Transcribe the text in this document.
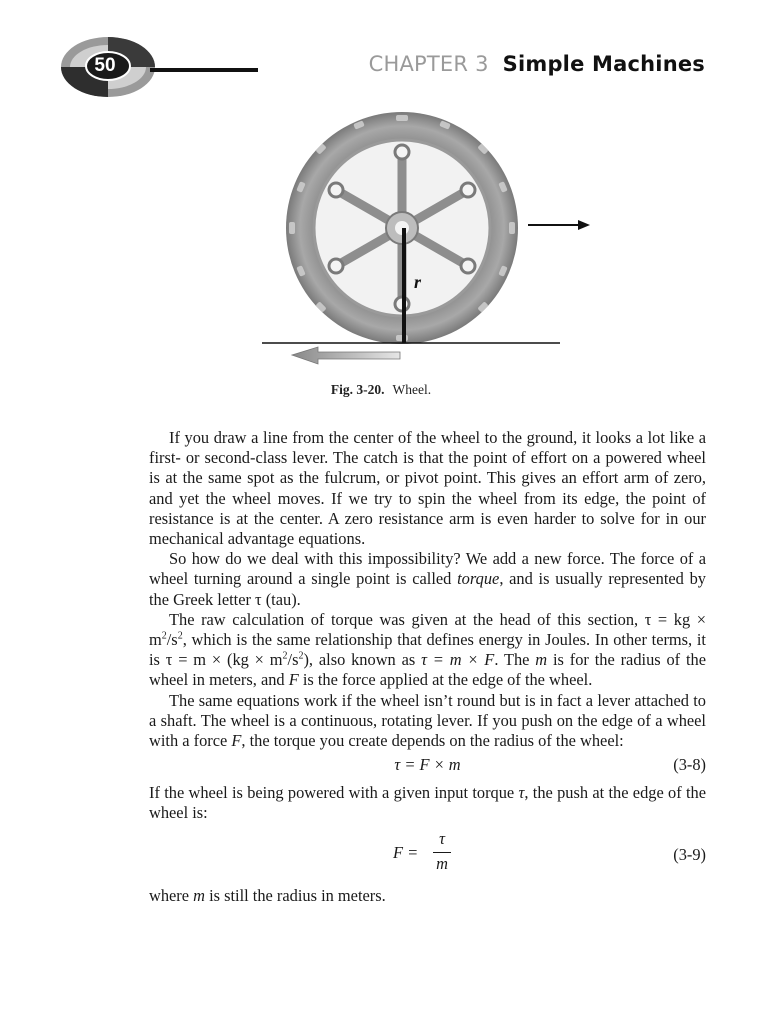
50	CHAPTER 3 Simple Machines
r
Fig. 3-20. Wheel.

If you draw a line from the center of the wheel to the ground, it looks a lot like a first- or second-class lever. The catch is that the point of effort on a powered wheel is at the same spot as the fulcrum, or pivot point. This gives an effort arm of zero, and yet the wheel moves. If we try to spin the wheel from its edge, the point of resistance is at the center. A zero resistance arm is even harder to solve for in our mechanical advantage equations.

So how do we deal with this impossibility? We add a new force. The force of a wheel turning around a single point is called torque, and is usually represented by the Greek letter τ (tau).

The raw calculation of torque was given at the head of this section, τ = kg × $m^2/s^2$, which is the same relationship that defines energy in Joules. In other terms, it is $\tau = m \times (kg \times m^2/s^2)$, also known as τ = m × F. The m is for the radius of the wheel in meters, and F is the force applied at the edge of the wheel.

The same equations work if the wheel isn’t round but is in fact a lever attached to a shaft. The wheel is a continuous, rotating lever. If you push on the edge of a wheel with a force F, the torque you create depends on the radius of the wheel:

τ = F × m	(3-8)

If the wheel is being powered with a given input torque τ, the push at the edge of the wheel is:

F =
τ
m	(3-9)

where m is still the radius in meters.
